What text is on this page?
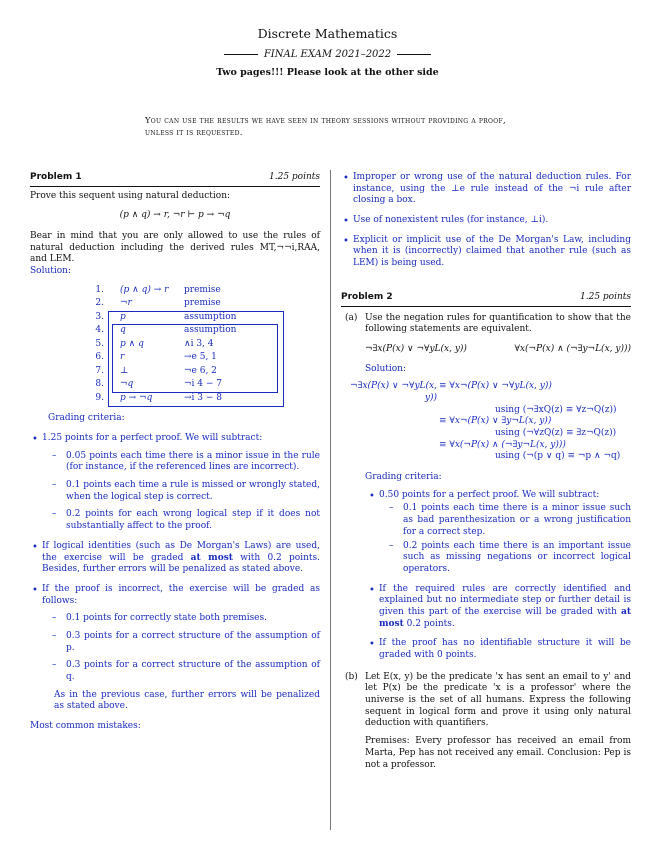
Discrete Mathematics
FINAL EXAM 2021–2022
Two pages!!! Please look at the other side
You can use the results we have seen in theory sessions without providing a proof, unless it is requested.
Problem 1	1.25 points

Prove this sequent using natural deduction:

(p ∧ q) → r, ¬r ⊢ p → ¬q

Bear in mind that you are only allowed to use the rules of natural deduction including the derived rules MT,¬¬i,RAA, and LEM.

Solution:

1.	(p ∧ q) → r	premise
2.	¬r	premise
3.	p	assumption
4.	q	assumption
5.	p ∧ q	∧i 3, 4
6.	r	→e 5, 1
7.	⊥	¬e 6, 2
8.	¬q	¬i 4 − 7
9.	p → ¬q	→i 3 − 8

Grading criteria:

• 1.25 points for a perfect proof. We will subtract:
– 0.05 points each time there is a minor issue in the rule (for instance, if the referenced lines are incorrect).
– 0.1 points each time a rule is missed or wrongly stated, when the logical step is correct.
– 0.2 points for each wrong logical step if it does not substantially affect to the proof.
• If logical identities (such as De Morgan's Laws) are used, the exercise will be graded at most with 0.2 points. Besides, further errors will be penalized as stated above.
• If the proof is incorrect, the exercise will be graded as follows:
– 0.1 points for correctly state both premises.
– 0.3 points for a correct structure of the assumption of p.
– 0.3 points for a correct structure of the assumption of q.

As in the previous case, further errors will be penalized as stated above.

Most common mistakes:

• Improper or wrong use of the natural deduction rules. For instance, using the ⊥e rule instead of the ¬i rule after closing a box.
• Use of nonexistent rules (for instance, ⊥i).
• Explicit or implicit use of the De Morgan's Law, including when it is (incorrectly) claimed that another rule (such as LEM) is being used.
Problem 2	1.25 points
(a) Use the negation rules for quantification to show that the following statements are equivalent.

¬∃x(P(x) ∨ ¬∀yL(x, y))	∀x(¬P(x) ∧ (¬∃y¬L(x, y)))

Solution:

¬∃x(P(x) ∨ ¬∀yL(x, y))
≡ ∀x¬(P(x) ∨ ¬∀yL(x, y))
using (¬∃xQ(z) ≡ ∀z¬Q(z))
≡ ∀x¬(P(x) ∨ ∃y¬L(x, y))
using (¬∀zQ(z) ≡ ∃z¬Q(z))
≡ ∀x(¬P(x) ∧ (¬∃y¬L(x, y)))
using (¬(p ∨ q) ≡ ¬p ∧ ¬q)

Grading criteria:

• 0.50 points for a perfect proof. We will subtract:
– 0.1 points each time there is a minor issue such as bad parenthesization or a wrong justification for a correct step.
– 0.2 points each time there is an important issue such as missing negations or incorrect logical operators.
• If the required rules are correctly identified and explained but no intermediate step or further detail is given this part of the exercise will be graded with at most 0.2 points.
• If the proof has no identifiable structure it will be graded with 0 points.
(b) Let E(x, y) be the predicate 'x has sent an email to y' and let P(x) be the predicate 'x is a professor' where the universe is the set of all humans. Express the following sequent in logical form and prove it using only natural deduction with quantifiers.

Premises: Every professor has received an email from Marta, Pep has not received any email. Conclusion: Pep is not a professor.
